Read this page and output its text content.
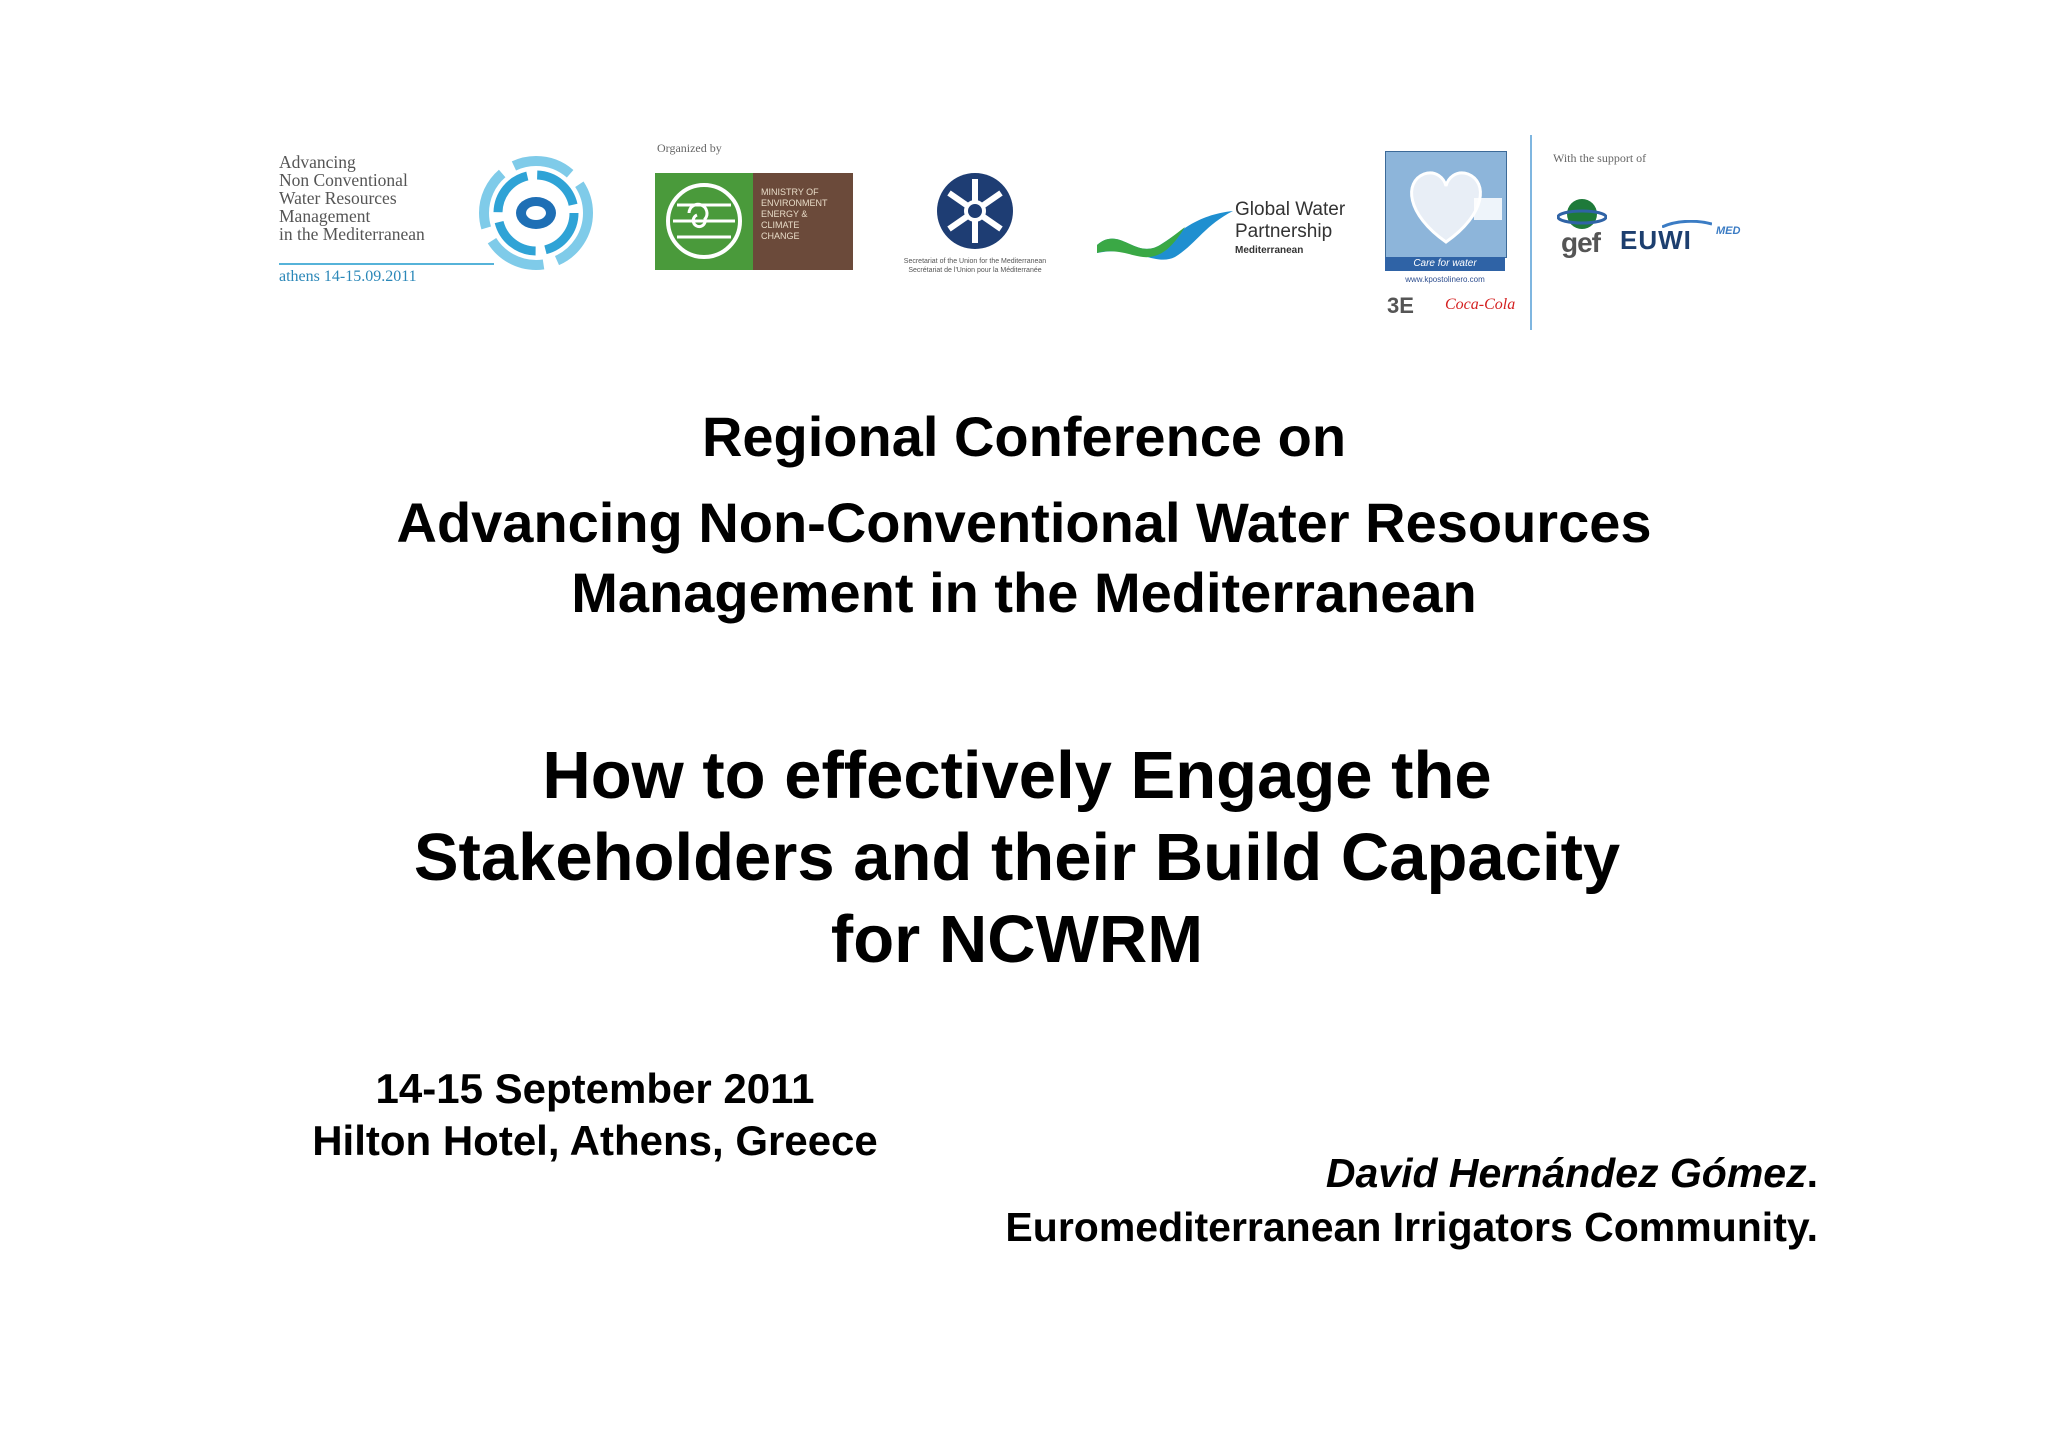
Advancing
Non Conventional
Water Resources
Management
in the Mediterranean
athens 14-15.09.2011
Organized by
MINISTRY OF
ENVIRONMENT
ENERGY &
CLIMATE
CHANGE
Secretariat of the Union for the Mediterranean
Secrétariat de l'Union pour la Méditerranée
Global Water
Partnership
Mediterranean
Care for water
www.kpostolinero.com
3E Coca-Cola
With the support of
gef EUWI MED
Regional Conference on
Advancing Non-Conventional Water Resources
Management in the Mediterranean
How to effectively Engage the
Stakeholders and their Build Capacity
for NCWRM
14-15 September 2011
Hilton Hotel, Athens, Greece
David Hernández Gómez.
Euromediterranean Irrigators Community.
